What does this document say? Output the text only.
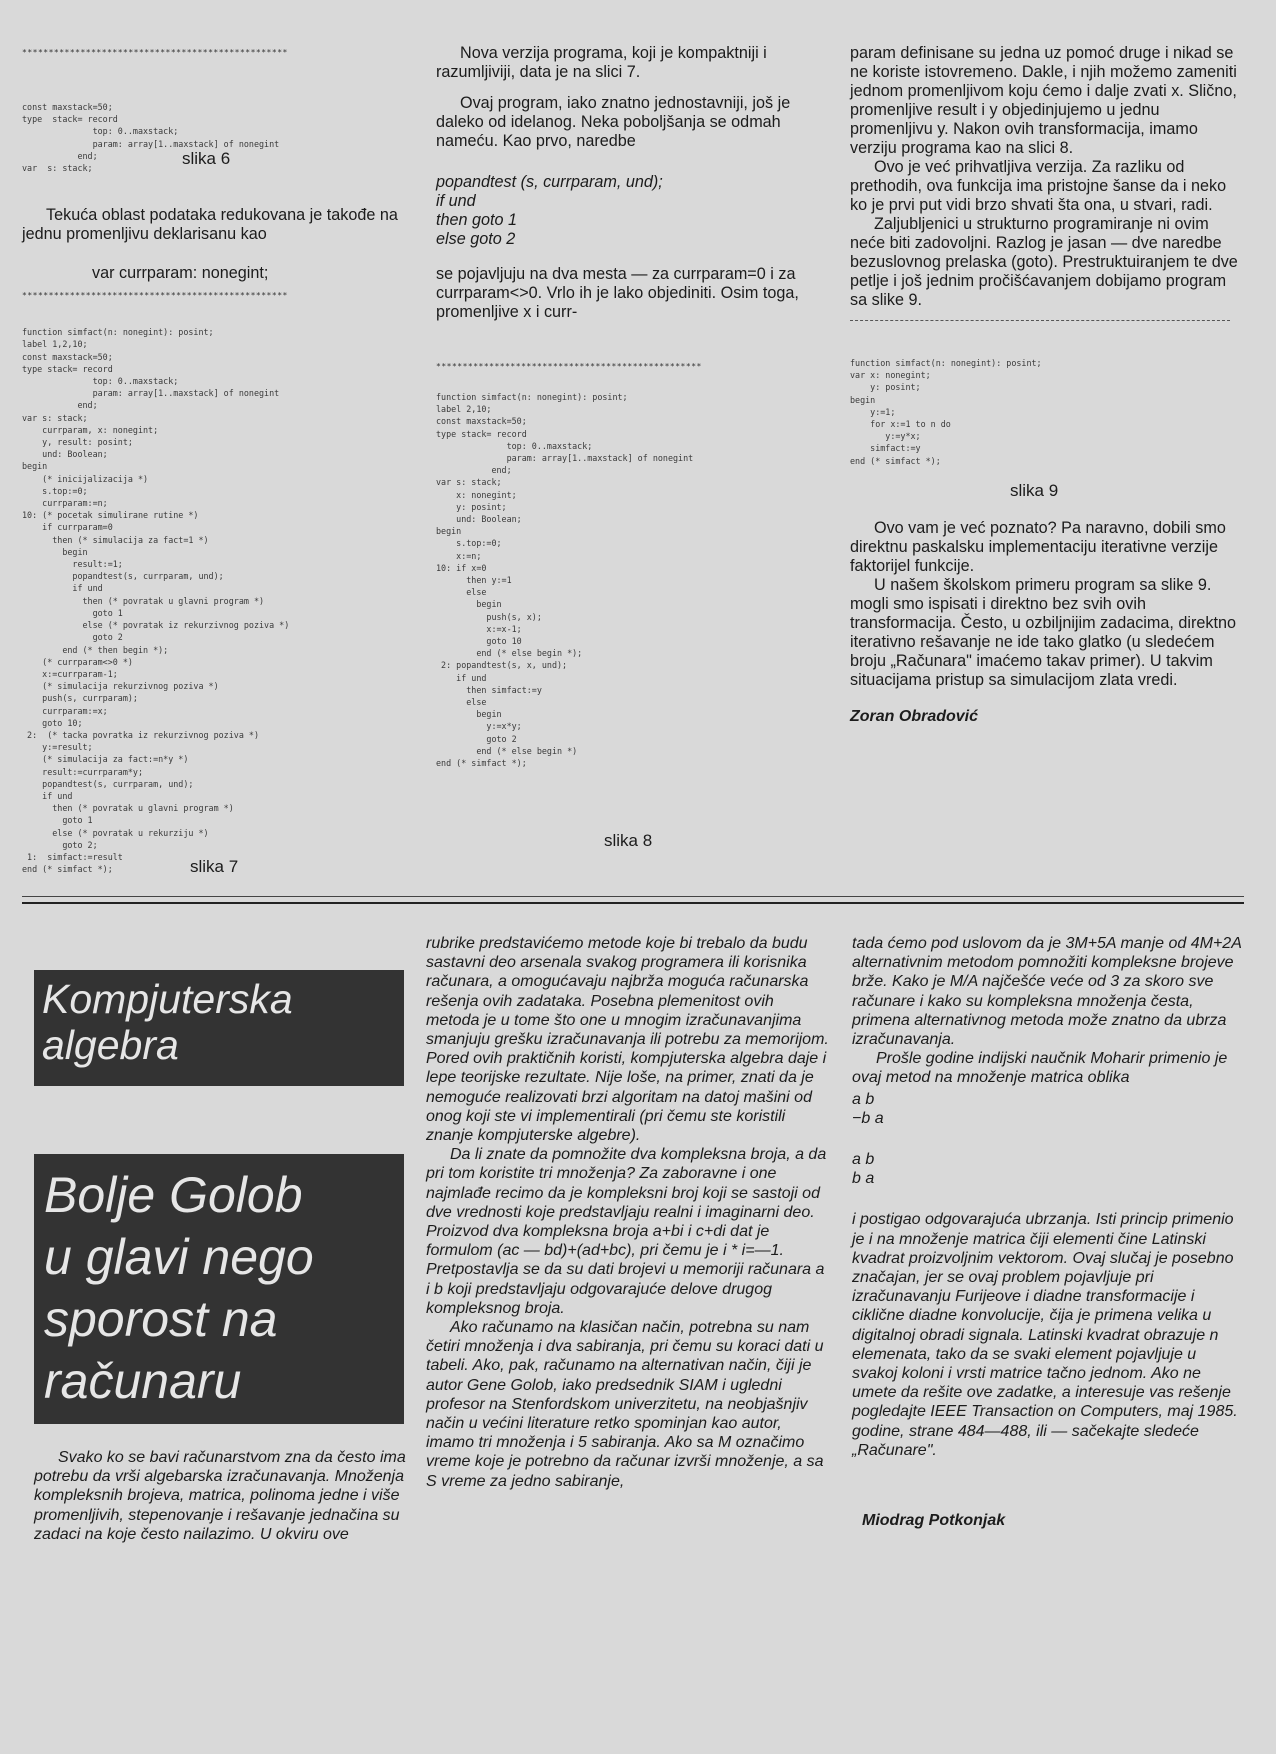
**************************************************
const maxstack=50;
type  stack= record
top: 0..maxstack;
param: array[1..maxstack] of nonegint
end;
var  s: stack;
slika 6
Tekuća oblast podataka redukovana je takođe na jednu promenljivu deklarisanu kao
var currparam: nonegint;
**************************************************
function simfact(n: nonegint): posint;
label 1,2,10;
const maxstack=50;
type stack= record
top: 0..maxstack;
param: array[1..maxstack] of nonegint
end;
var s: stack;
currparam, x: nonegint;
y, result: posint;
und: Boolean;
begin
(* inicijalizacija *)
s.top:=0;
currparam:=n;
10: (* pocetak simulirane rutine *)
if currparam=0
then (* simulacija za fact=1 *)
begin
result:=1;
popandtest(s, currparam, und);
if und
then (* povratak u glavni program *)
goto 1
else (* povratak iz rekurzivnog poziva *)
goto 2
end (* then begin *);
(* currparam<>0 *)
x:=currparam-1;
(* simulacija rekurzivnog poziva *)
push(s, currparam);
currparam:=x;
goto 10;
2:  (* tacka povratka iz rekurzivnog poziva *)
y:=result;
(* simulacija za fact:=n*y *)
result:=currparam*y;
popandtest(s, currparam, und);
if und
then (* povratak u glavni program *)
goto 1
else (* povratak u rekurziju *)
goto 2;
1:  simfact:=result
end (* simfact *);	slika 7
Nova verzija programa, koji je kompaktniji i razumljiviji, data je na slici 7.
Ovaj program, iako znatno jednostavniji, još je daleko od idelanog. Neka poboljšanja se odmah nameću. Kao prvo, naredbe
popandtest (s, currparam, und);
if und
then goto 1
else goto 2
se pojavljuju na dva mesta — za currparam=0 i za currparam<>0. Vrlo ih je lako objediniti. Osim toga, promenljive x i curr-
**************************************************
function simfact(n: nonegint): posint;
label 2,10;
const maxstack=50;
type stack= record
top: 0..maxstack;
param: array[1..maxstack] of nonegint
end;
var s: stack;
x: nonegint;
y: posint;
und: Boolean;
begin
s.top:=0;
x:=n;
10: if x=0
then y:=1
else
begin
push(s, x);
x:=x-1;
goto 10
end (* else begin *);
2: popandtest(s, x, und);
if und
then simfact:=y
else
begin
y:=x*y;
goto 2
end (* else begin *)
end (* simfact *);
slika 8
param definisane su jedna uz pomoć druge i nikad se ne koriste istovremeno. Dakle, i njih možemo zameniti jednom promenljivom koju ćemo i dalje zvati x. Slično, promenljive result i y objedinjujemo u jednu promenljivu y. Nakon ovih transformacija, imamo verziju programa kao na slici 8.
Ovo je već prihvatljiva verzija. Za razliku od prethodih, ova funkcija ima pristojne šanse da i neko ko je prvi put vidi brzo shvati šta ona, u stvari, radi.
Zaljubljenici u strukturno programiranje ni ovim neće biti zadovoljni. Razlog je jasan — dve naredbe bezuslovnog prelaska (goto). Prestruktuiranjem te dve petlje i još jednim pročišćavanjem dobijamo program sa slike 9.
function simfact(n: nonegint): posint;
var x: nonegint;
y: posint;
begin
y:=1;
for x:=1 to n do
y:=y*x;
simfact:=y
end (* simfact *);
slika 9
Ovo vam je već poznato? Pa naravno, dobili smo direktnu paskalsku implementaciju iterativne verzije faktorijel funkcije.
U našem školskom primeru program sa slike 9. mogli smo ispisati i direktno bez svih ovih transformacija. Često, u ozbiljnijim zadacima, direktno iterativno rešavanje ne ide tako glatko (u sledećem broju „Računara" imaćemo takav primer). U takvim situacijama pristup sa simulacijom zlata vredi.
Zoran Obradović
Kompjuterska
algebra
Bolje Golob
u glavi nego
sporost na
računaru
Svako ko se bavi računarstvom zna da često ima potrebu da vrši algebarska izračunavanja. Množenja kompleksnih brojeva, matrica, polinoma jedne i više promenljivih, stepenovanje i rešavanje jednačina su zadaci na koje često nailazimo. U okviru ove
rubrike predstavićemo metode koje bi trebalo da budu sastavni deo arsenala svakog programera ili korisnika računara, a omogućavaju najbrža moguća računarska rešenja ovih zadataka. Posebna plemenitost ovih metoda je u tome što one u mnogim izračunavanjima smanjuju grešku izračunavanja ili potrebu za memorijom. Pored ovih praktičnih koristi, kompjuterska algebra daje i lepe teorijske rezultate. Nije loše, na primer, znati da je nemoguće realizovati brzi algoritam na datoj mašini od onog koji ste vi implementirali (pri čemu ste koristili znanje kompjuterske algebre).
Da li znate da pomnožite dva kompleksna broja, a da pri tom koristite tri množenja? Za zaboravne i one najmlađe recimo da je kompleksni broj koji se sastoji od dve vrednosti koje predstavljaju realni i imaginarni deo. Proizvod dva kompleksna broja a+bi i c+di dat je formulom (ac — bd)+(ad+bc), pri čemu je i * i=—1. Pretpostavlja se da su dati brojevi u memoriji računara a i b koji predstavljaju odgovarajuće delove drugog kompleksnog broja.
Ako računamo na klasičan način, potrebna su nam četiri množenja i dva sabiranja, pri čemu su koraci dati u tabeli. Ako, pak, računamo na alternativan način, čiji je autor Gene Golob, iako predsednik SIAM i ugledni profesor na Stenfordskom univerzitetu, na neobjašnjiv način u većini literature retko spominjan kao autor, imamo tri množenja i 5 sabiranja. Ako sa M označimo vreme koje je potrebno da računar izvrši množenje, a sa S vreme za jedno sabiranje,
tada ćemo pod uslovom da je 3M+5A manje od 4M+2A alternativnim metodom pomnožiti kompleksne brojeve brže. Kako je M/A najčešće veće od 3 za skoro sve računare i kako su kompleksna množenja česta, primena alternativnog metoda može znatno da ubrza izračunavanja.
Prošle godine indijski naučnik Moharir primenio je ovaj metod na množenje matrica oblika
a b
−b a
a b
b a
i postigao odgovarajuća ubrzanja. Isti princip primenio je i na množenje matrica čiji elementi čine Latinski kvadrat proizvoljnim vektorom. Ovaj slučaj je posebno značajan, jer se ovaj problem pojavljuje pri izračunavanju Furijeove i diadne transformacije i ciklične diadne konvolucije, čija je primena velika u digitalnoj obradi signala. Latinski kvadrat obrazuje n elemenata, tako da se svaki element pojavljuje u svakoj koloni i vrsti matrice tačno jednom. Ako ne umete da rešite ove zadatke, a interesuje vas rešenje pogledajte IEEE Transaction on Computers, maj 1985. godine, strane 484—488, ili — sačekajte sledeće „Računare".
Miodrag Potkonjak
